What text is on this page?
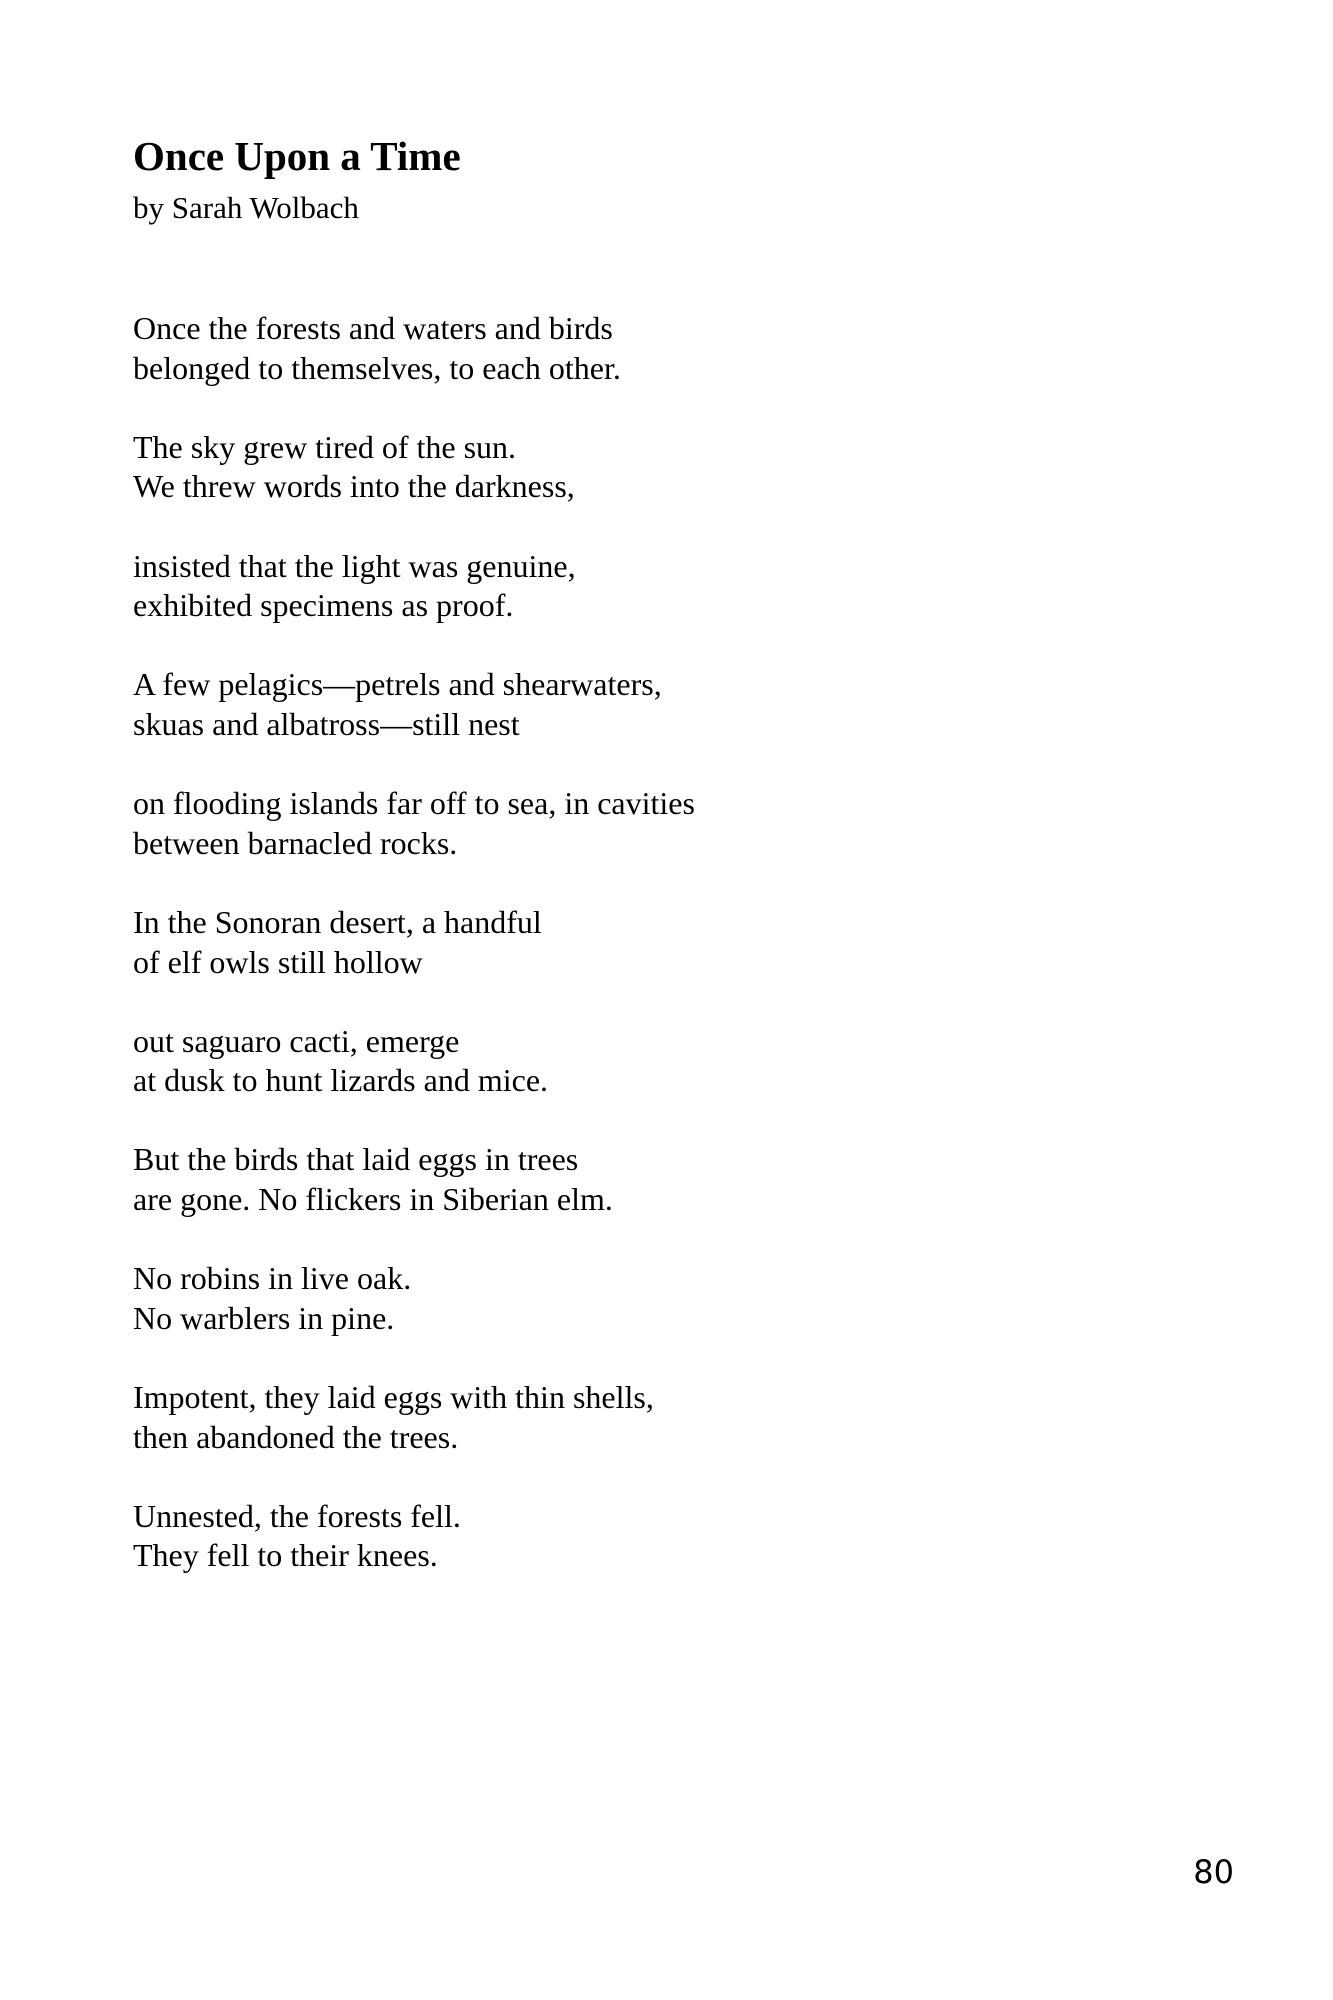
Once Upon a Time

by Sarah Wolbach

Once the forests and waters and birds
belonged to themselves, to each other.

The sky grew tired of the sun.
We threw words into the darkness,

insisted that the light was genuine,
exhibited specimens as proof.

A few pelagics—petrels and shearwaters,
skuas and albatross—still nest

on flooding islands far off to sea, in cavities
between barnacled rocks.

In the Sonoran desert, a handful
of elf owls still hollow

out saguaro cacti, emerge
at dusk to hunt lizards and mice.

But the birds that laid eggs in trees
are gone. No flickers in Siberian elm.

No robins in live oak.
No warblers in pine.

Impotent, they laid eggs with thin shells,
then abandoned the trees.

Unnested, the forests fell.
They fell to their knees.

80
